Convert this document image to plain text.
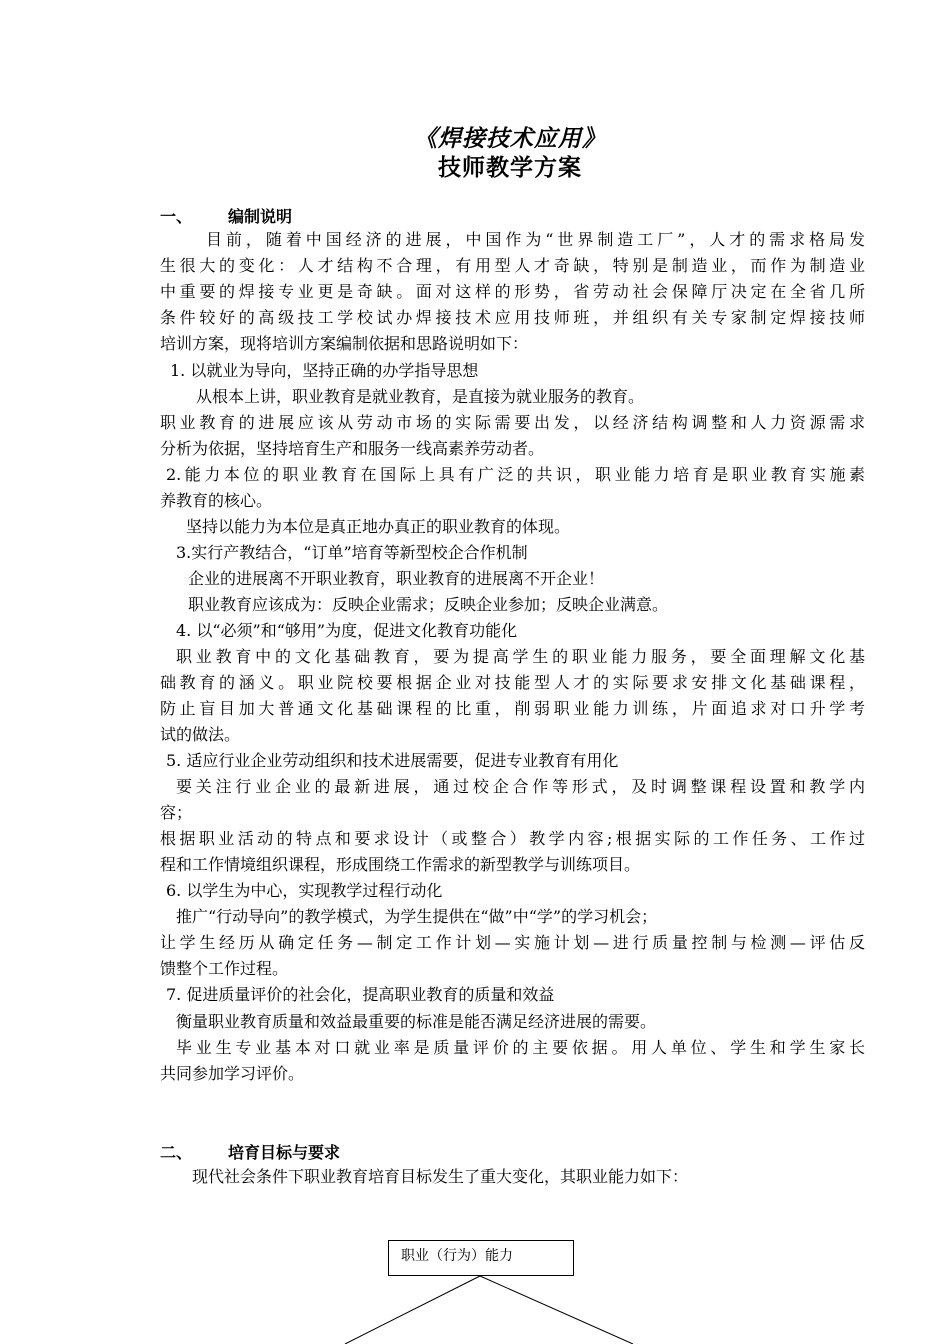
《焊接技术应用》
技师教学方案
一、 编制说明
目前，随着中国经济的进展，中国作为“世界制造工厂”，人才的需求格局发
生很大的变化：人才结构不合理，有用型人才奇缺，特别是制造业，而作为制造业
中重要的焊接专业更是奇缺。面对这样的形势，省劳动社会保障厅决定在全省几所
条件较好的高级技工学校试办焊接技术应用技师班，并组织有关专家制定焊接技师
培训方案，现将培训方案编制依据和思路说明如下：
1. 以就业为导向，坚持正确的办学指导思想
从根本上讲，职业教育是就业教育，是直接为就业服务的教育。
职业教育的进展应该从劳动市场的实际需要出发，以经济结构调整和人力资源需求
分析为依据，坚持培育生产和服务一线高素养劳动者。
2.能力本位的职业教育在国际上具有广泛的共识，职业能力培育是职业教育实施素
养教育的核心。
坚持以能力为本位是真正地办真正的职业教育的体现。
3.实行产教结合，“订单”培育等新型校企合作机制
企业的进展离不开职业教育，职业教育的进展离不开企业！
职业教育应该成为：反映企业需求；反映企业参加；反映企业满意。
4. 以“必须”和“够用”为度，促进文化教育功能化
职业教育中的文化基础教育，要为提高学生的职业能力服务，要全面理解文化基
础教育的涵义。职业院校要根据企业对技能型人才的实际要求安排文化基础课程，
防止盲目加大普通文化基础课程的比重，削弱职业能力训练，片面追求对口升学考
试的做法。
5. 适应行业企业劳动组织和技术进展需要，促进专业教育有用化
要关注行业企业的最新进展，通过校企合作等形式，及时调整课程设置和教学内
容；
根据职业活动的特点和要求设计（或整合）教学内容;根据实际的工作任务、工作过
程和工作情境组织课程，形成围绕工作需求的新型教学与训练项目。
6. 以学生为中心，实现教学过程行动化
推广“行动导向”的教学模式，为学生提供在“做”中“学”的学习机会；
让学生经历从确定任务—制定工作计划—实施计划—进行质量控制与检测—评估反
馈整个工作过程。
7. 促进质量评价的社会化，提高职业教育的质量和效益
衡量职业教育质量和效益最重要的标准是能否满足经济进展的需要。
毕业生专业基本对口就业率是质量评价的主要依据。用人单位、学生和学生家长
共同参加学习评价。
二、 培育目标与要求
现代社会条件下职业教育培育目标发生了重大变化，其职业能力如下：
职业（行为）能力
